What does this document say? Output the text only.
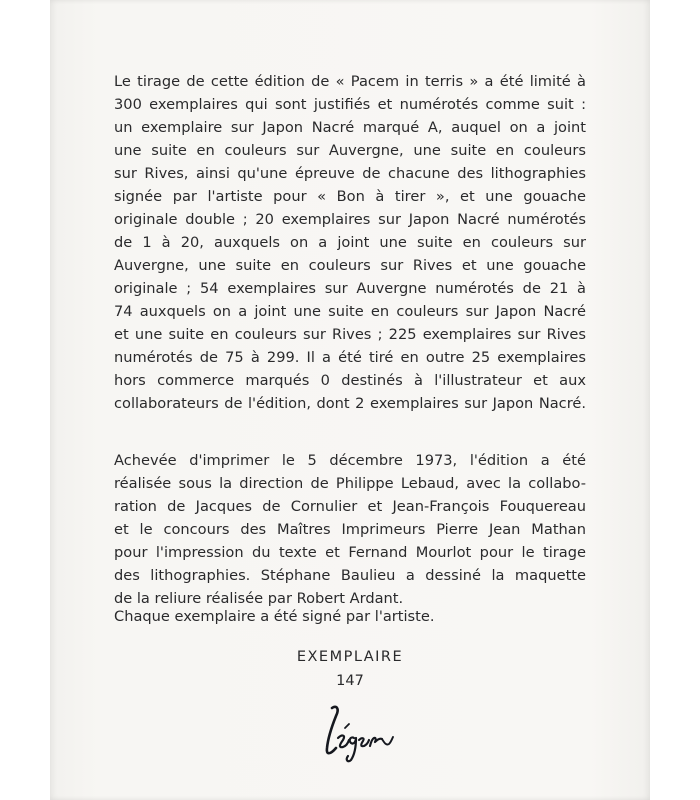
Le tirage de cette édition de « Pacem in terris » a été limité à
300 exemplaires qui sont justifiés et numérotés comme suit :
un exemplaire sur Japon Nacré marqué A, auquel on a joint
une suite en couleurs sur Auvergne, une suite en couleurs
sur Rives, ainsi qu'une épreuve de chacune des lithographies
signée par l'artiste pour « Bon à tirer », et une gouache
originale double ; 20 exemplaires sur Japon Nacré numérotés
de 1 à 20, auxquels on a joint une suite en couleurs sur
Auvergne, une suite en couleurs sur Rives et une gouache
originale ; 54 exemplaires sur Auvergne numérotés de 21 à
74 auxquels on a joint une suite en couleurs sur Japon Nacré
et une suite en couleurs sur Rives ; 225 exemplaires sur Rives
numérotés de 75 à 299. Il a été tiré en outre 25 exemplaires
hors commerce marqués 0 destinés à l'illustrateur et aux
collaborateurs de l'édition, dont 2 exemplaires sur Japon Nacré.
Achevée d'imprimer le 5 décembre 1973, l'édition a été
réalisée sous la direction de Philippe Lebaud, avec la collabo-
ration de Jacques de Cornulier et Jean-François Fouquereau
et le concours des Maîtres Imprimeurs Pierre Jean Mathan
pour l'impression du texte et Fernand Mourlot pour le tirage
des lithographies. Stéphane Baulieu a dessiné la maquette
de la reliure réalisée par Robert Ardant.
Chaque exemplaire a été signé par l'artiste.
EXEMPLAIRE
147
Léger
